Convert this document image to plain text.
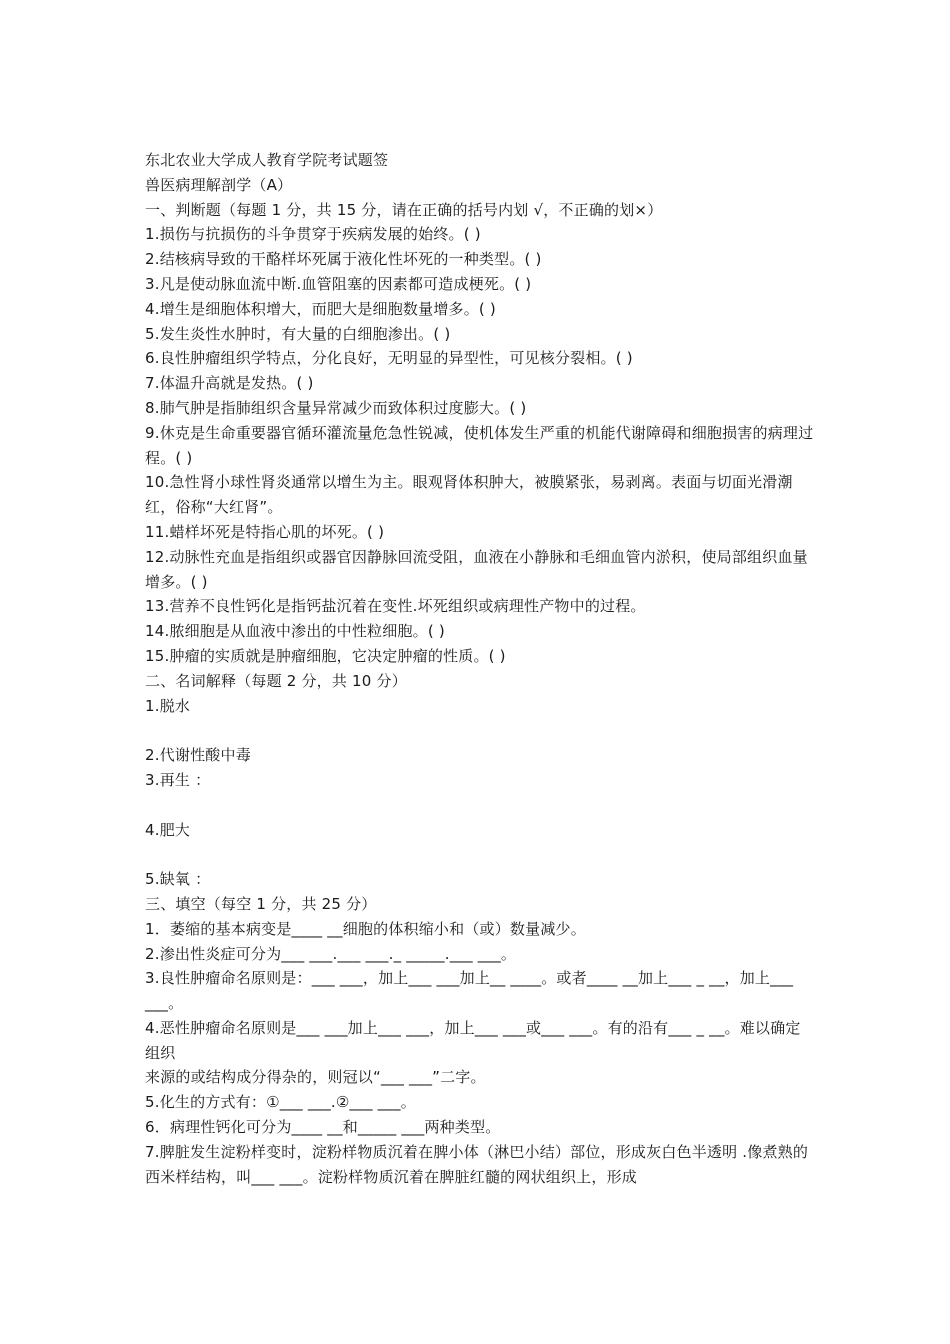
东北农业大学成人教育学院考试题签
兽医病理解剖学（A）
一、判断题（每题 1 分，共 15 分，请在正确的括号内划 √，不正确的划×）
1.损伤与抗损伤的斗争贯穿于疾病发展的始终。( )
2.结核病导致的干酪样坏死属于液化性坏死的一种类型。( )
3.凡是使动脉血流中断.血管阻塞的因素都可造成梗死。( )
4.增生是细胞体积增大，而肥大是细胞数量增多。( )
5.发生炎性水肿时，有大量的白细胞渗出。( )
6.良性肿瘤组织学特点，分化良好，无明显的异型性，可见核分裂相。( )
7.体温升高就是发热。( )
8.肺气肿是指肺组织含量异常减少而致体积过度膨大。( )
9.休克是生命重要器官循环灌流量危急性锐减，使机体发生严重的机能代谢障碍和细胞损害的病理过程。( )
10.急性肾小球性肾炎通常以增生为主。眼观肾体积肿大，被膜紧张，易剥离。表面与切面光滑潮红，俗称“大红肾”。
11.蜡样坏死是特指心肌的坏死。( )
12.动脉性充血是指组织或器官因静脉回流受阻，血液在小静脉和毛细血管内淤积，使局部组织血量增多。( )
13.营养不良性钙化是指钙盐沉着在变性.坏死组织或病理性产物中的过程。
14.脓细胞是从血液中渗出的中性粒细胞。( )
15.肿瘤的实质就是肿瘤细胞，它决定肿瘤的性质。( )
二、名词解释（每题 2 分，共 10 分）
1.脱水
2.代谢性酸中毒
3.再生 ：
4.肥大
5.缺氧 ：
三、填空（每空 1 分，共 25 分）
1．萎缩的基本病变是____ __细胞的体积缩小和（或）数量减少。
2.渗出性炎症可分为___ ___.___ ___._ _____.___ ___。
3.良性肿瘤命名原则是：___ ___，加上___ ___加上__ ____。或者____ __加上___ _ __，加上___ ___。
4.恶性肿瘤命名原则是___ ___加上___ ___，加上___ ___或___ ___。有的沿有___ _ __。难以确定组织
来源的或结构成分得杂的，则冠以“___ ___”二字。
5.化生的方式有：①___ ___.②___ ___。
6．病理性钙化可分为____ __和_____ ___两种类型。
7.脾脏发生淀粉样变时，淀粉样物质沉着在脾小体（淋巴小结）部位，形成灰白色半透明 .像煮熟的西米样结构，叫___ ___。淀粉样物质沉着在脾脏红髓的网状组织上，形成
